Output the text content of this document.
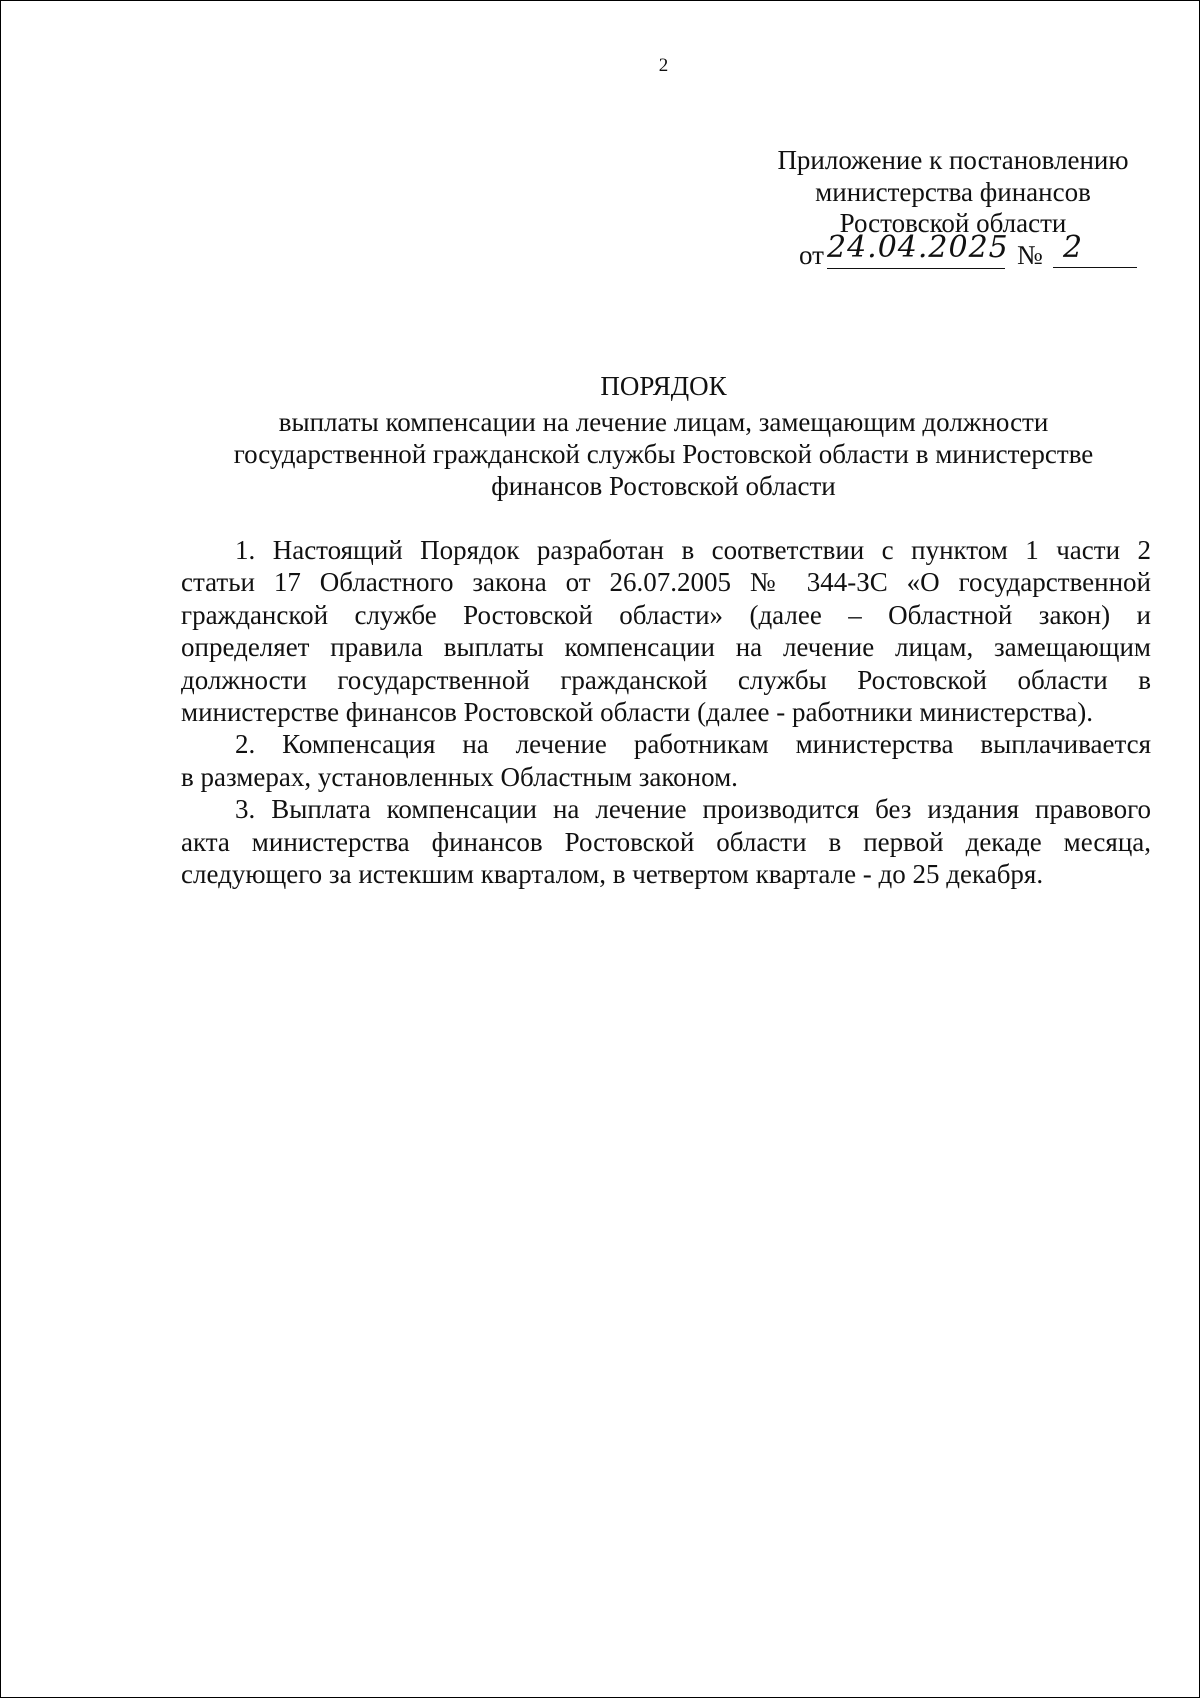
2
Приложение к постановлению
министерства финансов
Ростовской области
от 24.04.2025 № 2
ПОРЯДОК
выплаты компенсации на лечение лицам, замещающим должности
государственной гражданской службы Ростовской области в министерстве
финансов Ростовской области
1. Настоящий Порядок разработан в соответствии с пунктом 1 части 2
статьи 17 Областного закона от 26.07.2005 № 344-ЗС «О государственной
гражданской службе Ростовской области» (далее – Областной закон) и
определяет правила выплаты компенсации на лечение лицам, замещающим
должности государственной гражданской службы Ростовской области в
министерстве финансов Ростовской области (далее - работники министерства).
2. Компенсация на лечение работникам министерства выплачивается
в размерах, установленных Областным законом.
3. Выплата компенсации на лечение производится без издания правового
акта министерства финансов Ростовской области в первой декаде месяца,
следующего за истекшим кварталом, в четвертом квартале - до 25 декабря.
